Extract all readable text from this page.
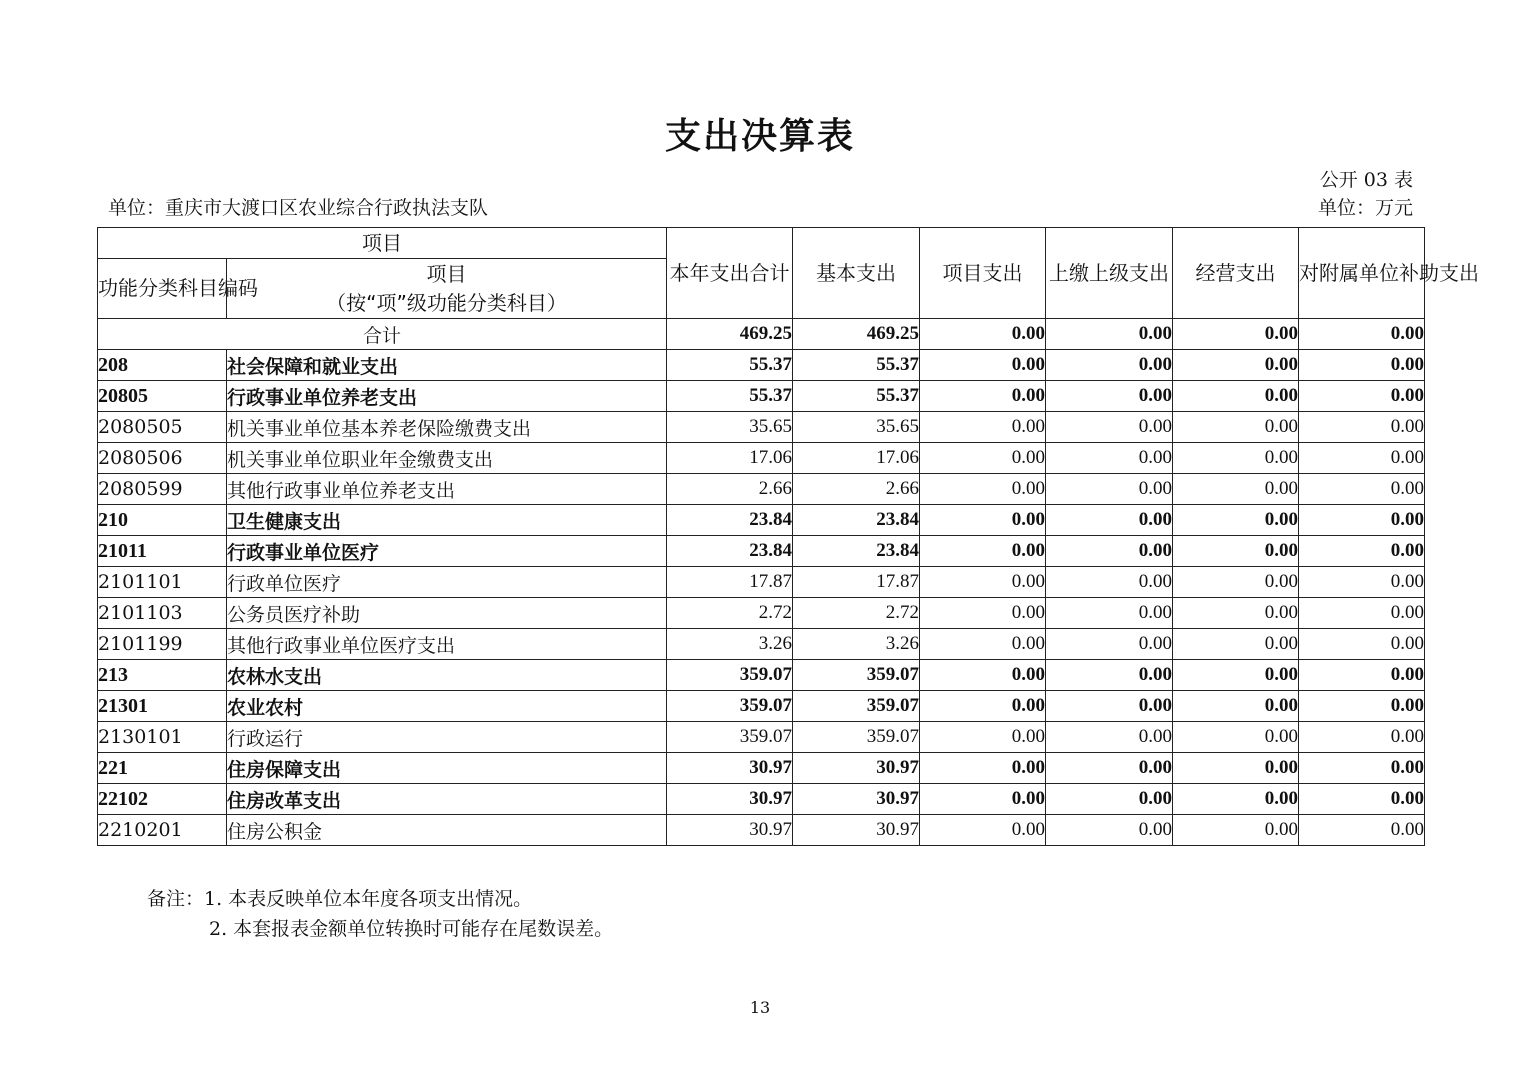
支出决算表
公开 03 表
单位：重庆市大渡口区农业综合行政执法支队	单位：万元
项目		本年支出合计	基本支出	项目支出	上缴上级支出	经营支出	对附属单位补助支出
功能分类科目编码	项目
（按“项”级功能分类科目）						
合计		469.25	469.25	0.00	0.00	0.00	0.00
208	社会保障和就业支出	55.37	55.37	0.00	0.00	0.00	0.00
20805	行政事业单位养老支出	55.37	55.37	0.00	0.00	0.00	0.00
2080505	机关事业单位基本养老保险缴费支出	35.65	35.65	0.00	0.00	0.00	0.00
2080506	机关事业单位职业年金缴费支出	17.06	17.06	0.00	0.00	0.00	0.00
2080599	其他行政事业单位养老支出	2.66	2.66	0.00	0.00	0.00	0.00
210	卫生健康支出	23.84	23.84	0.00	0.00	0.00	0.00
21011	行政事业单位医疗	23.84	23.84	0.00	0.00	0.00	0.00
2101101	行政单位医疗	17.87	17.87	0.00	0.00	0.00	0.00
2101103	公务员医疗补助	2.72	2.72	0.00	0.00	0.00	0.00
2101199	其他行政事业单位医疗支出	3.26	3.26	0.00	0.00	0.00	0.00
213	农林水支出	359.07	359.07	0.00	0.00	0.00	0.00
21301	农业农村	359.07	359.07	0.00	0.00	0.00	0.00
2130101	行政运行	359.07	359.07	0.00	0.00	0.00	0.00
221	住房保障支出	30.97	30.97	0.00	0.00	0.00	0.00
22102	住房改革支出	30.97	30.97	0.00	0.00	0.00	0.00
2210201	住房公积金	30.97	30.97	0.00	0.00	0.00	0.00
备注：1. 本表反映单位本年度各项支出情况。
2. 本套报表金额单位转换时可能存在尾数误差。
13
